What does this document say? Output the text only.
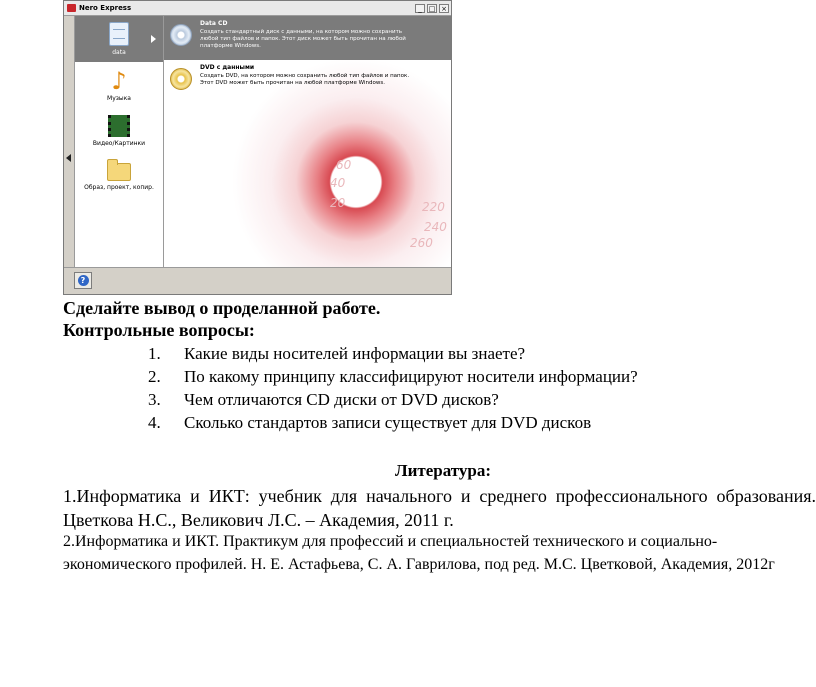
Nero Express	_ □ ×
data
♪
Музыка
Видео/Картинки
Образ, проект, копир.
60
40
20	220
240
260
Data CD
Создать стандартный диск с данными, на котором можно сохранить любой тип файлов и папок. Этот диск может быть прочитан на любой платформе Windows.
DVD с данными
Создать DVD, на котором можно сохранить любой тип файлов и папок. Этот DVD может быть прочитан на любой платформе Windows.
?
Сделайте вывод о проделанной работе.
Контрольные вопросы:
1. Какие виды носителей информации вы знаете?
2. По какому принципу классифицируют носители информации?
3. Чем отличаются CD диски от DVD дисков?
4. Сколько стандартов записи существует для DVD дисков
Литература:
1.Информатика и ИКТ: учебник для начального и среднего профессионального образования. Цветкова Н.С., Великович Л.С. – Академия, 2011 г.
2.Информатика и ИКТ. Практикум для профессий и специальностей технического и социально-экономического профилей. Н. Е. Астафьева, С. А. Гаврилова, под ред. М.С. Цветковой, Академия, 2012г
